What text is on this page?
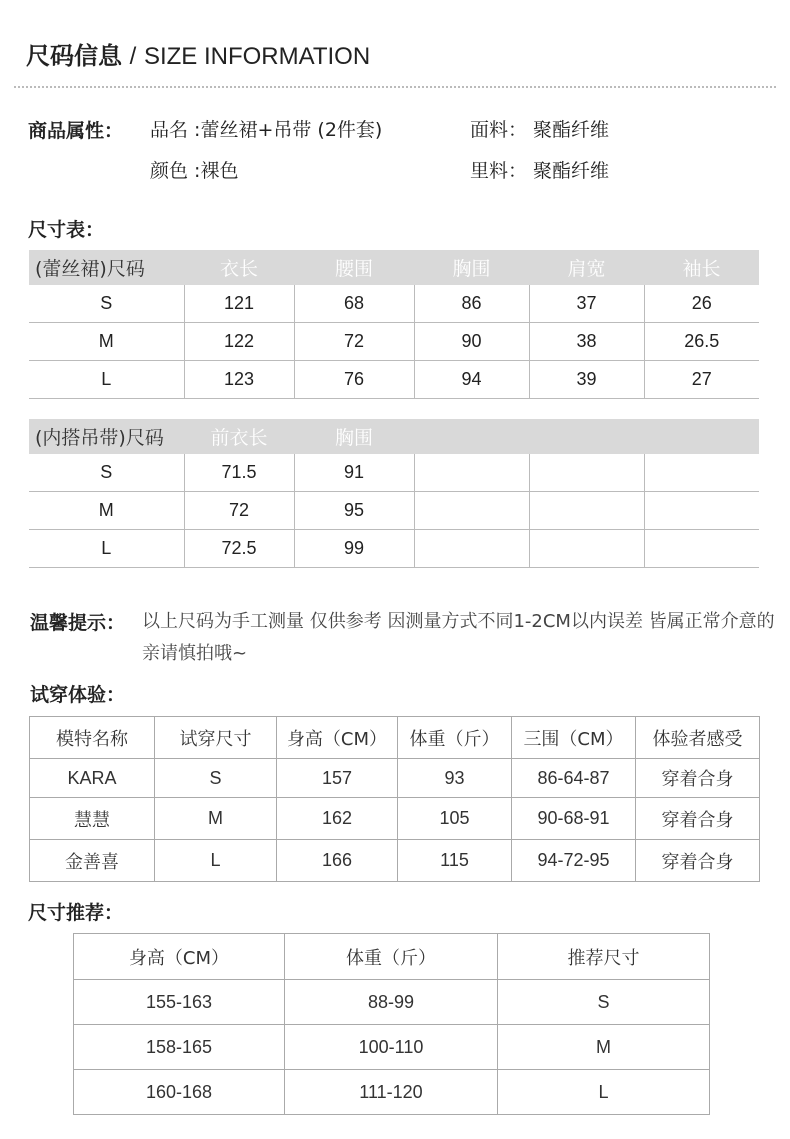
尺码信息 / SIZE INFORMATION
商品属性： 品名 :蕾丝裙+吊带 (2件套)
颜色 :裸色
面料： 聚酯纤维
里料： 聚酯纤维
尺寸表：
(蕾丝裙)尺码	衣长	腰围	胸围	肩宽	袖长
S	121	68	86	37	26
M	122	72	90	38	26.5
L	123	76	94	39	27
(内搭吊带)尺码	前衣长	胸围			
S	71.5	91			
M	72	95			
L	72.5	99			
温馨提示： 以上尺码为手工测量 仅供参考 因测量方式不同1-2CM以内误差 皆属正常介意的亲请慎拍哦~
试穿体验：
模特名称	试穿尺寸	身高（CM）	体重（斤）	三围（CM）	体验者感受
KARA	S	157	93	86-64-87	穿着合身
慧慧	M	162	105	90-68-91	穿着合身
金善喜	L	166	115	94-72-95	穿着合身
尺寸推荐：
身高（CM）	体重（斤）	推荐尺寸
155-163	88-99	S
158-165	100-110	M
160-168	111-120	L
